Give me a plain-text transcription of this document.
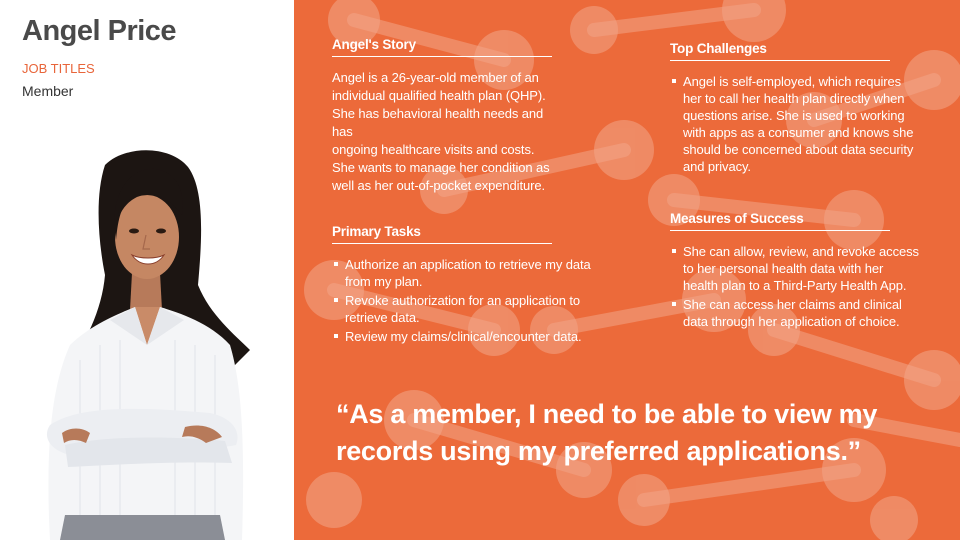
Angel Price
JOB TITLES
Member
Angel's Story

Angel is a 26-year-old member of an
individual qualified health plan (QHP).
She has behavioral health needs and has
ongoing healthcare visits and costs.
She wants to manage her condition as
well as her out-of-pocket expenditure.

Top Challenges
Angel is self-employed, which requires her to call her health plan directly when questions arise. She is used to working with apps as a consumer and knows she should be concerned about data security and privacy.
Primary Tasks
Authorize an application to retrieve my data from my plan.
Revoke authorization for an application to retrieve data.
Review my claims/clinical/encounter data.
Measures of Success
She can allow, review, and revoke access to her personal health data with her health plan to a Third-Party Health App.
She can access her claims and clinical data through her application of choice.

“As a member, I need to be able to view my records using my preferred applications.”
